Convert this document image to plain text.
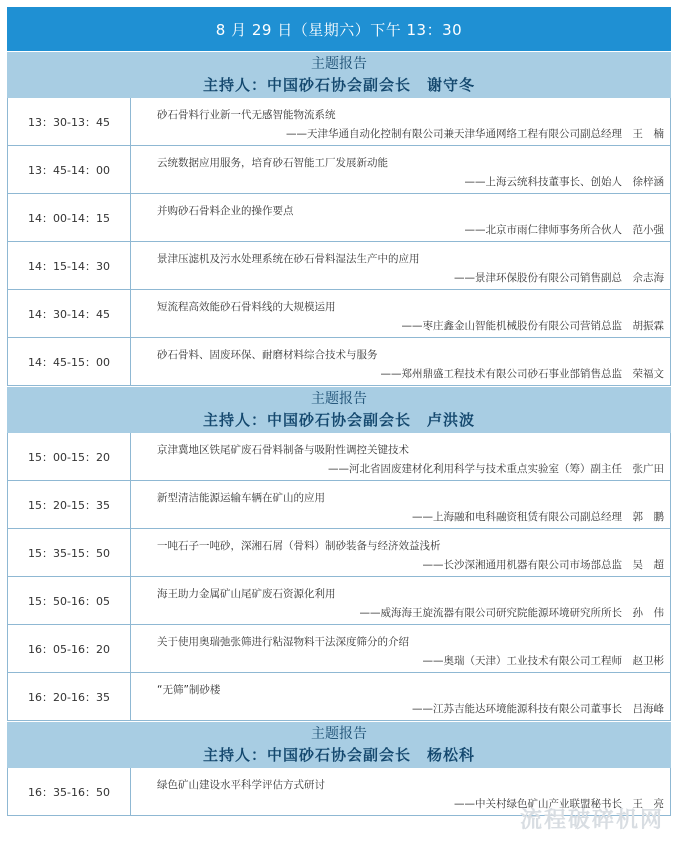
8 月 29 日（星期六）下午 13：30
主题报告
主持人：中国砂石协会副会长　谢守冬
13：30-13：45
砂石骨料行业新一代无感智能物流系统
——天津华通自动化控制有限公司兼天津华通网络工程有限公司副总经理　王　楠
13：45-14：00
云统数据应用服务，培育砂石智能工厂发展新动能
——上海云统科技董事长、创始人　徐梓涵
14：00-14：15
并购砂石骨料企业的操作要点
——北京市雨仁律师事务所合伙人　范小强
14：15-14：30
景津压滤机及污水处理系统在砂石骨料湿法生产中的应用
——景津环保股份有限公司销售副总　佘志海
14：30-14：45
短流程高效能砂石骨料线的大规模运用
——枣庄鑫金山智能机械股份有限公司营销总监　胡振霖
14：45-15：00
砂石骨料、固废环保、耐磨材料综合技术与服务
——郑州鼎盛工程技术有限公司砂石事业部销售总监　荣福文
主题报告
主持人：中国砂石协会副会长　卢洪波
15：00-15：20
京津冀地区铁尾矿废石骨料制备与吸附性调控关键技术
——河北省固废建材化利用科学与技术重点实验室（筹）副主任　张广田
15：20-15：35
新型清洁能源运输车辆在矿山的应用
——上海融和电科融资租赁有限公司副总经理　郭　鹏
15：35-15：50
一吨石子一吨砂，深湘石屑（骨料）制砂装备与经济效益浅析
——长沙深湘通用机器有限公司市场部总监　吴　超
15：50-16：05
海王助力金属矿山尾矿废石资源化利用
——威海海王旋流器有限公司研究院能源环境研究所所长　孙　伟
16：05-16：20
关于使用奥瑞弛张筛进行粘湿物料干法深度筛分的介绍
——奥瑞（天津）工业技术有限公司工程师　赵卫彬
16：20-16：35
“无筛”制砂楼
——江苏吉能达环境能源科技有限公司董事长　吕海峰
主题报告
主持人：中国砂石协会副会长　杨松科
16：35-16：50
绿色矿山建设水平科学评估方式研讨
——中关村绿色矿山产业联盟秘书长　王　亮
流程破碎机网
